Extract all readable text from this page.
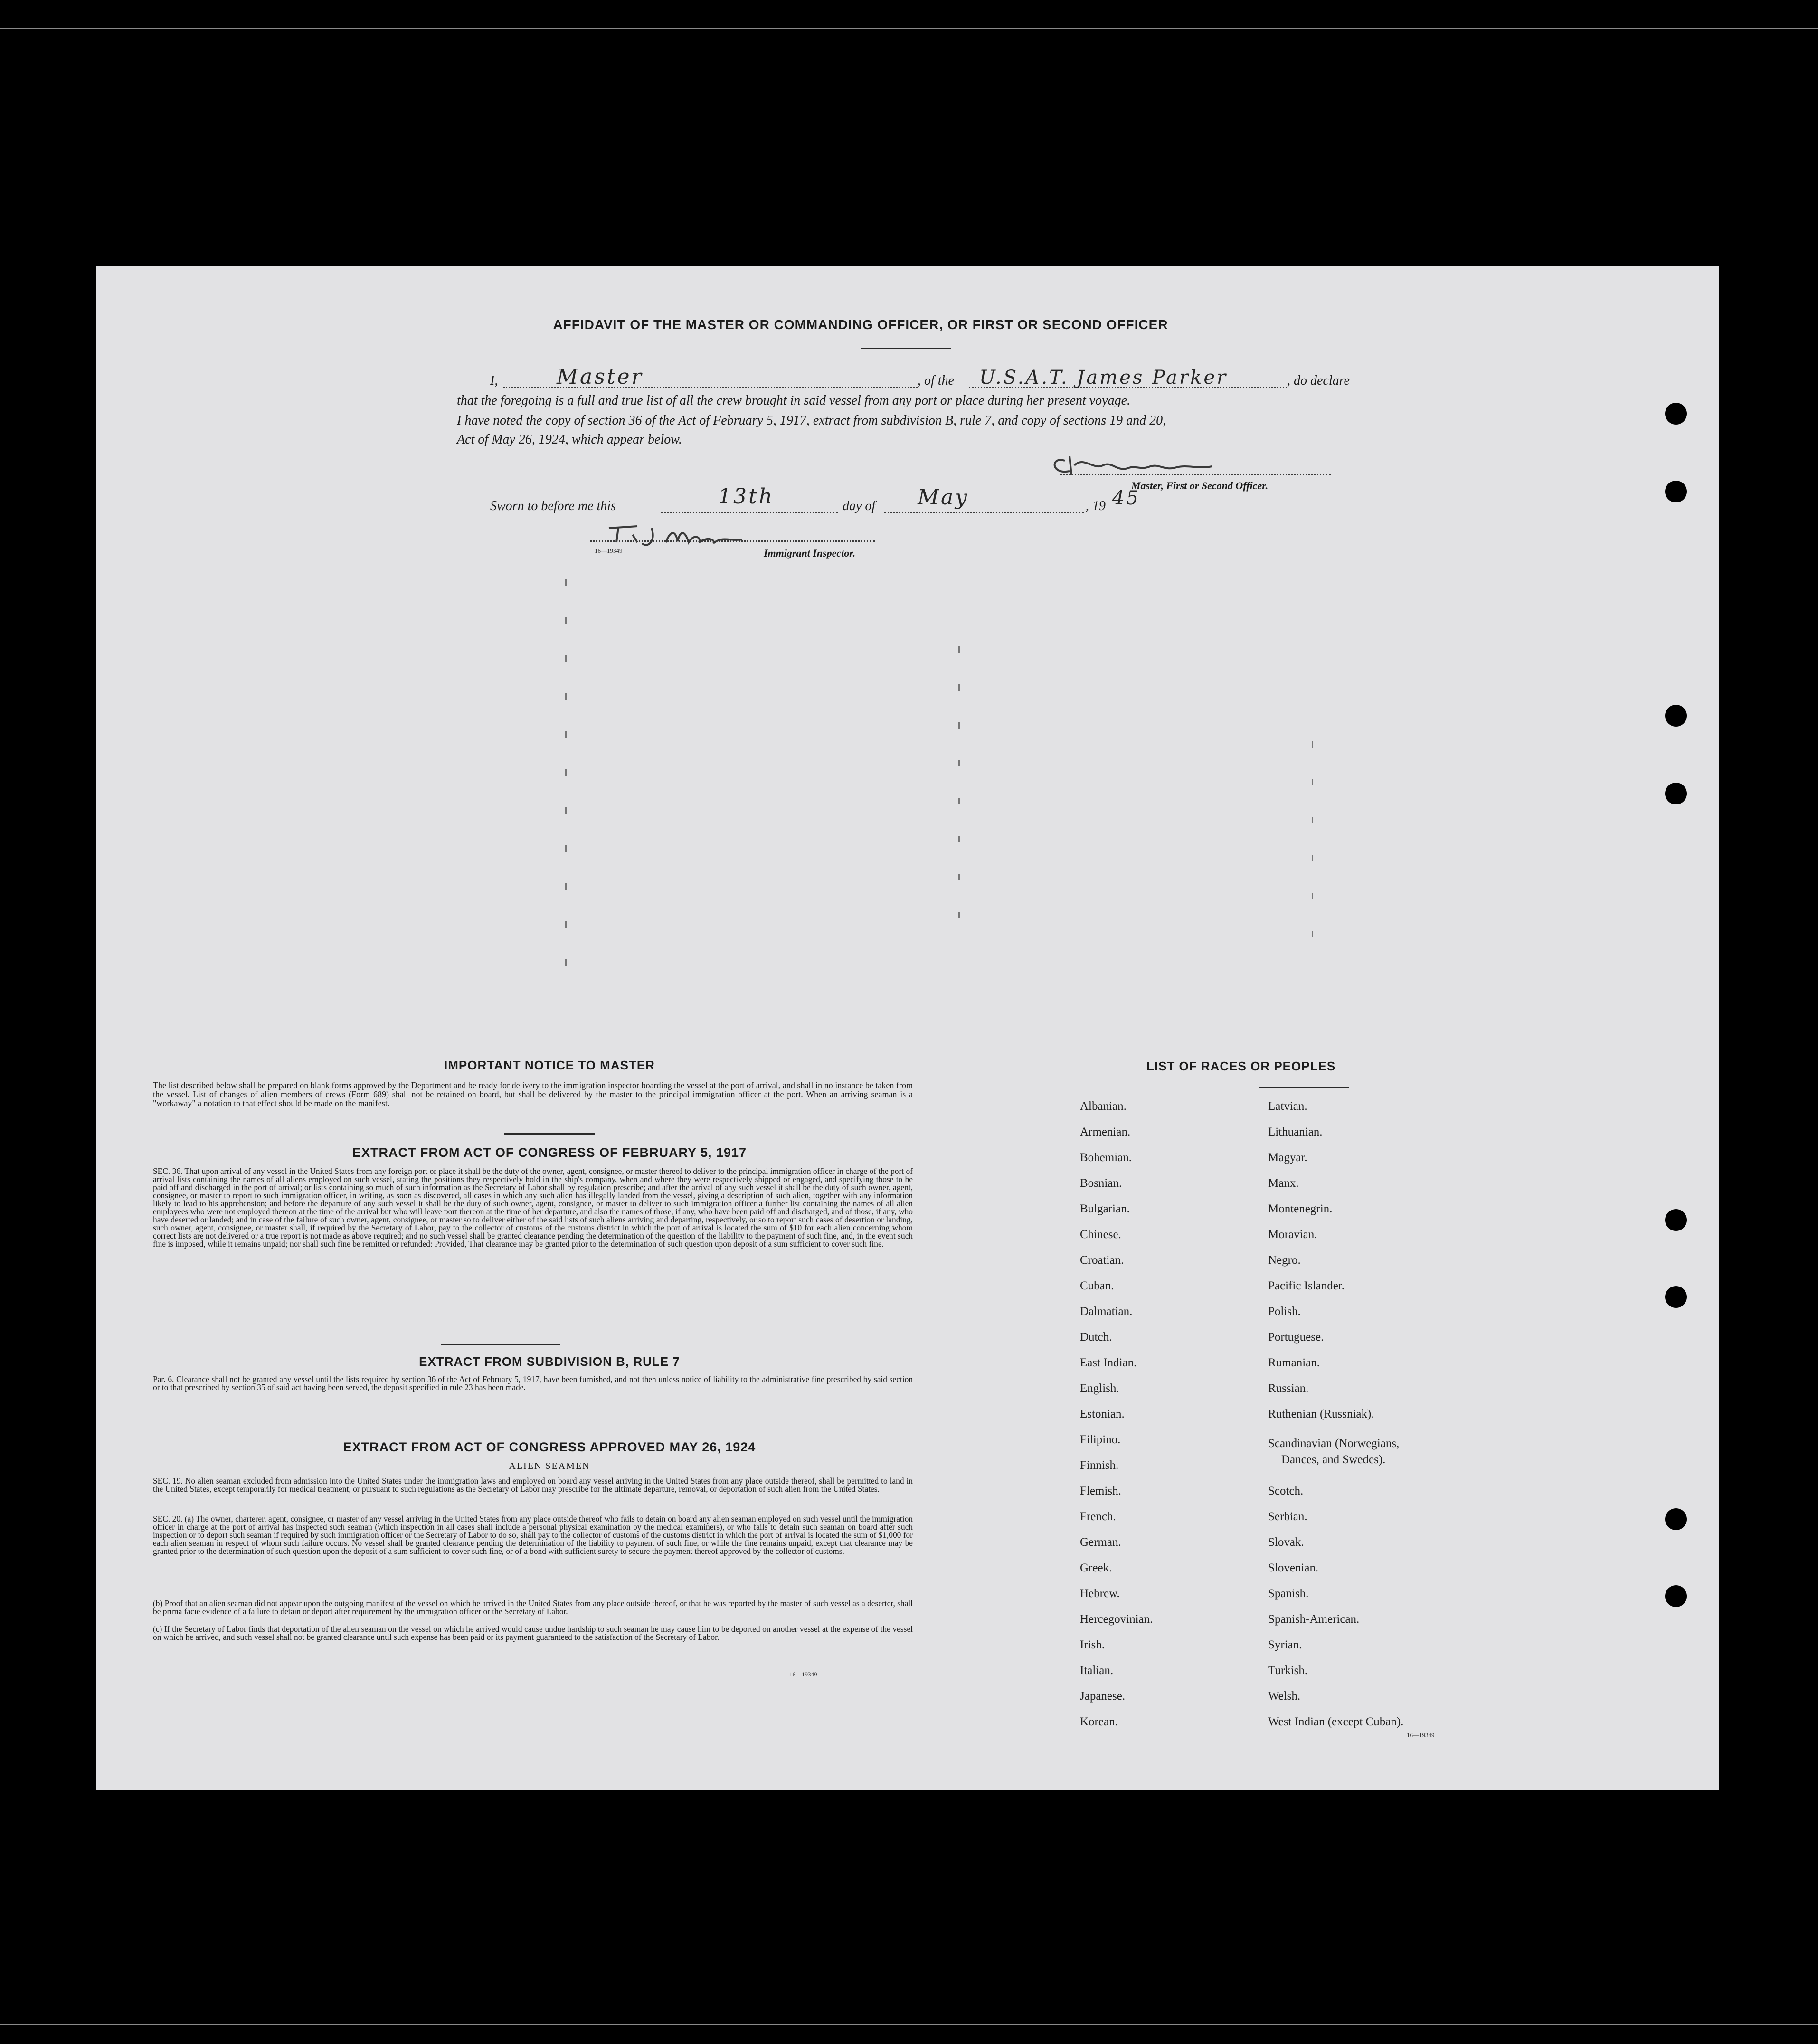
AFFIDAVIT OF THE MASTER OR COMMANDING OFFICER, OR FIRST OR SECOND OFFICER
I,	Master	, of the U.S.A.T. James Parker	, do declare
that the foregoing is a full and true list of all the crew brought in said vessel from any port or place during her present voyage.
I have noted the copy of section 36 of the Act of February 5, 1917, extract from subdivision B, rule 7, and copy of sections 19 and 20,
Act of May 26, 1924, which appear below.
Master, First or Second Officer.
Sworn to before me this	13th	day of May	, 19 45
16—19349	Immigrant Inspector.
IMPORTANT NOTICE TO MASTER
The list described below shall be prepared on blank forms approved by the Department and be ready for delivery to the immigration inspector boarding the vessel at the port of arrival, and shall in no instance be taken from the vessel. List of changes of alien members of crews (Form 689) shall not be retained on board, but shall be delivered by the master to the principal immigration officer at the port. When an arriving seaman is a "workaway" a notation to that effect should be made on the manifest.
EXTRACT FROM ACT OF CONGRESS OF FEBRUARY 5, 1917
SEC. 36. That upon arrival of any vessel in the United States from any foreign port or place it shall be the duty of the owner, agent, consignee, or master thereof to deliver to the principal immigration officer in charge of the port of arrival lists containing the names of all aliens employed on such vessel, stating the positions they respectively hold in the ship's company, when and where they were respectively shipped or engaged, and specifying those to be paid off and discharged in the port of arrival; or lists containing so much of such information as the Secretary of Labor shall by regulation prescribe; and after the arrival of any such vessel it shall be the duty of such owner, agent, consignee, or master to report to such immigration officer, in writing, as soon as discovered, all cases in which any such alien has illegally landed from the vessel, giving a description of such alien, together with any information likely to lead to his apprehension; and before the departure of any such vessel it shall be the duty of such owner, agent, consignee, or master to deliver to such immigration officer a further list containing the names of all alien employees who were not employed thereon at the time of the arrival but who will leave port thereon at the time of her departure, and also the names of those, if any, who have been paid off and discharged, and of those, if any, who have deserted or landed; and in case of the failure of such owner, agent, consignee, or master so to deliver either of the said lists of such aliens arriving and departing, respectively, or so to report such cases of desertion or landing, such owner, agent, consignee, or master shall, if required by the Secretary of Labor, pay to the collector of customs of the customs district in which the port of arrival is located the sum of $10 for each alien concerning whom correct lists are not delivered or a true report is not made as above required; and no such vessel shall be granted clearance pending the determination of the question of the liability to the payment of such fine, and, in the event such fine is imposed, while it remains unpaid; nor shall such fine be remitted or refunded: Provided, That clearance may be granted prior to the determination of such question upon deposit of a sum sufficient to cover such fine.
EXTRACT FROM SUBDIVISION B, RULE 7
Par. 6. Clearance shall not be granted any vessel until the lists required by section 36 of the Act of February 5, 1917, have been furnished, and not then unless notice of liability to the administrative fine prescribed by said section or to that prescribed by section 35 of said act having been served, the deposit specified in rule 23 has been made.
EXTRACT FROM ACT OF CONGRESS APPROVED MAY 26, 1924
ALIEN SEAMEN
SEC. 19. No alien seaman excluded from admission into the United States under the immigration laws and employed on board any vessel arriving in the United States from any place outside thereof, shall be permitted to land in the United States, except temporarily for medical treatment, or pursuant to such regulations as the Secretary of Labor may prescribe for the ultimate departure, removal, or deportation of such alien from the United States.
SEC. 20. (a) The owner, charterer, agent, consignee, or master of any vessel arriving in the United States from any place outside thereof who fails to detain on board any alien seaman employed on such vessel until the immigration officer in charge at the port of arrival has inspected such seaman (which inspection in all cases shall include a personal physical examination by the medical examiners), or who fails to detain such seaman on board after such inspection or to deport such seaman if required by such immigration officer or the Secretary of Labor to do so, shall pay to the collector of customs of the customs district in which the port of arrival is located the sum of $1,000 for each alien seaman in respect of whom such failure occurs. No vessel shall be granted clearance pending the determination of the liability to payment of such fine, or while the fine remains unpaid, except that clearance may be granted prior to the determination of such question upon the deposit of a sum sufficient to cover such fine, or of a bond with sufficient surety to secure the payment thereof approved by the collector of customs.
(b) Proof that an alien seaman did not appear upon the outgoing manifest of the vessel on which he arrived in the United States from any place outside thereof, or that he was reported by the master of such vessel as a deserter, shall be prima facie evidence of a failure to detain or deport after requirement by the immigration officer or the Secretary of Labor.
(c) If the Secretary of Labor finds that deportation of the alien seaman on the vessel on which he arrived would cause undue hardship to such seaman he may cause him to be deported on another vessel at the expense of the vessel on which he arrived, and such vessel shall not be granted clearance until such expense has been paid or its payment guaranteed to the satisfaction of the Secretary of Labor.
16—19349
LIST OF RACES OR PEOPLES
Albanian.
Armenian.
Bohemian.
Bosnian.
Bulgarian.
Chinese.
Croatian.
Cuban.
Dalmatian.
Dutch.
East Indian.
English.
Estonian.
Filipino.
Finnish.
Flemish.
French.
German.
Greek.
Hebrew.
Hercegovinian.
Irish.
Italian.
Japanese.
Korean.
Latvian.
Lithuanian.
Magyar.
Manx.
Montenegrin.
Moravian.
Negro.
Pacific Islander.
Polish.
Portuguese.
Rumanian.
Russian.
Ruthenian (Russniak).
Scandinavian (Norwegians,
Dances, and Swedes).
Scotch.
Serbian.
Slovak.
Slovenian.
Spanish.
Spanish-American.
Syrian.
Turkish.
Welsh.
West Indian (except Cuban).
16—19349
